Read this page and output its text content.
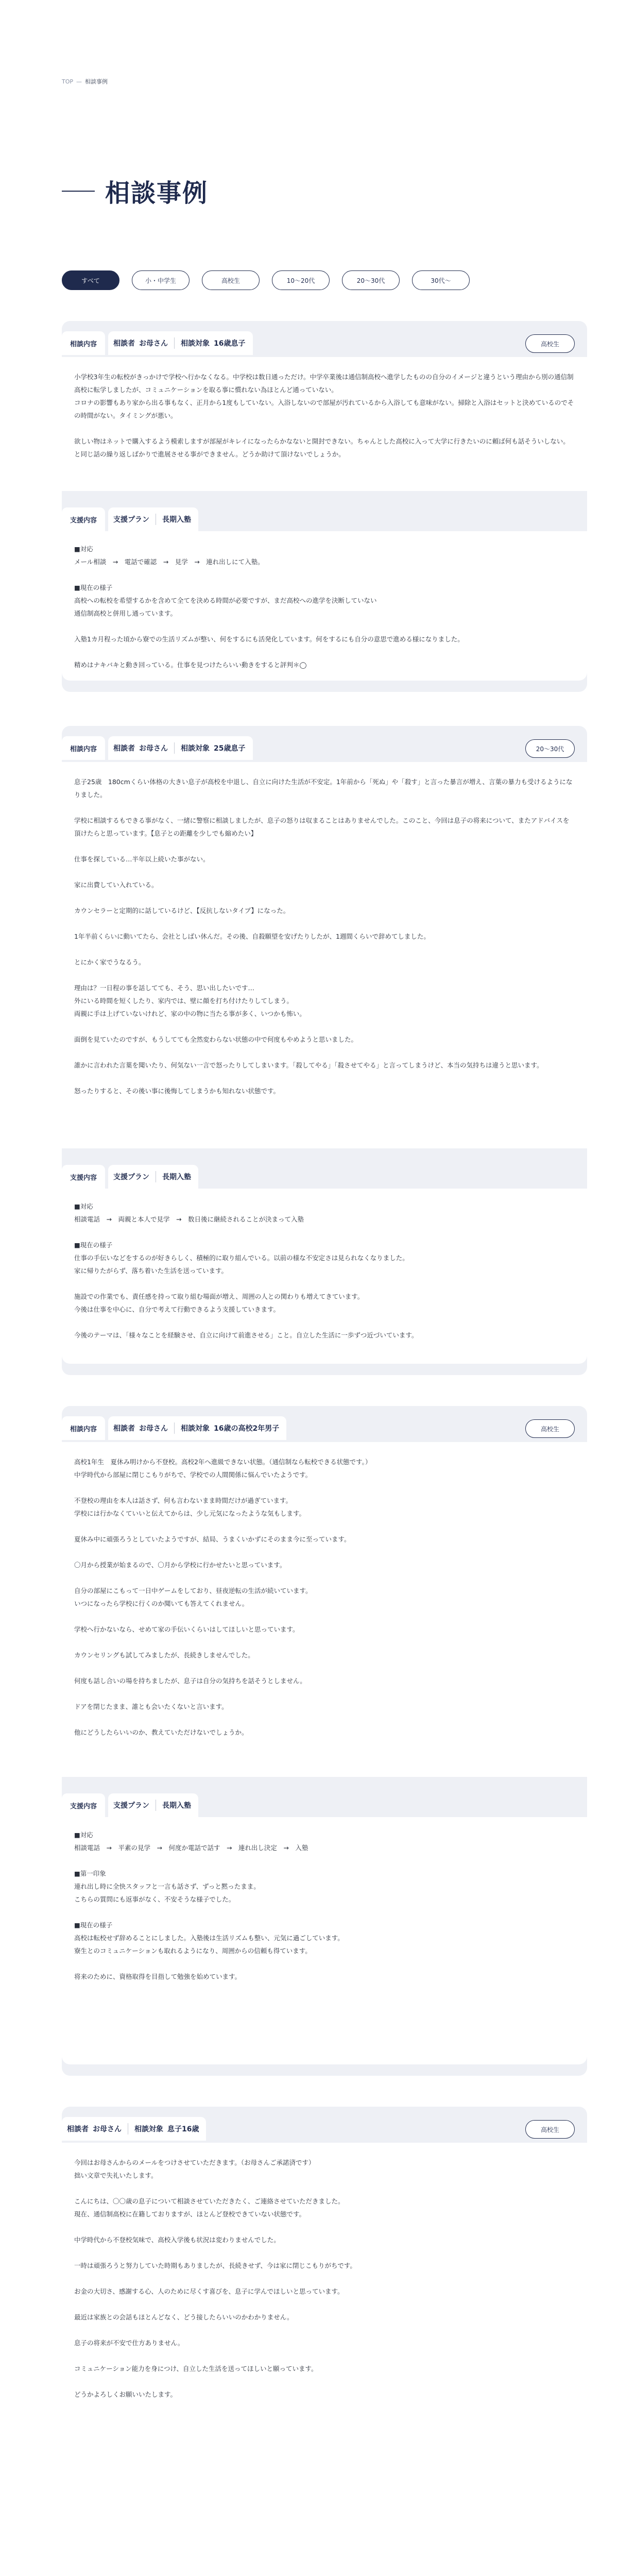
TOP — 相談事例
相談事例
すべて	小・中学生	高校生	10〜20代	20〜30代	30代〜
相談内容	相談者 お母さん 相談対象 16歳息子	高校生
小学校3年生の転校がきっかけで学校へ行かなくなる。中学校は数日通っただけ。中学卒業後は通信制高校へ進学したものの自分のイメージと違うという理由から別の通信制高校に転学しましたが、コミュニケーションを取る事に慣れない為ほとんど通っていない。
コロナの影響もあり家から出る事もなく、正月から1度もしていない。入浴しないので部屋が汚れているから入浴しても意味がない。掃除と入浴はセットと決めているのでその時間がない。タイミングが悪い。

欲しい物はネットで購入するよう模索しますが部屋がキレイになったらかなないと開封できない。ちゃんとした高校に入って大学に行きたいのに頼ば何も話そういしない。と同じ話の繰り返しばかりで進展させる事ができません。どうか助けて頂けないでしょうか。
支援内容	支援プラン 長期入塾
■対応
メール相談　→　電話で確認　→　見学　→　連れ出しにて入塾。

■現在の様子
高校への転校を希望するかを含めて全てを決める時間が必要ですが、まだ高校への進学を決断していない
通信制高校と併用し通っています。

入塾1カ月程った頃から寮での生活リズムが整い、何をするにも活発化しています。何をするにも自分の意思で進める様になりました。

精めはナキバキと動き回っている。仕事を見つけたらいい動きをすると評判＊◯
相談内容	相談者 お母さん 相談対象 25歳息子	20〜30代
息子25歳　180cmくらい体格の大きい息子が高校を中退し、自立に向けた生活が不安定。1年前から「死ぬ」や「殺す」と言った暴言が増え、言葉の暴力も受けるようになりました。

学校に相談するもできる事がなく、一緒に警察に相談しましたが、息子の怒りは収まることはありませんでした。このこと、今回は息子の将来について、またアドバイスを頂けたらと思っています。【息子との距離を少しでも縮めたい】

仕事を探している…半年以上続いた事がない。

家に出費してい入れている。

カウンセラーと定期的に話しているけど、【反抗しないタイプ】になった。

1年半前くらいに動いてたら、会社としばい休んだ。その後、自殺願望を安げたりしたが、1週間くらいで辞めてしました。

とにかく家でうなるう。

理由は？一日程の事を話してても、そう、思い出したいです…
外にいる時間を短くしたり、家内では、壁に顔を打ち付けたりしてしまう。
両親に手は上げていないけれど、家の中の物に当たる事が多く、いつかも怖い。

面倒を見ていたのですが、もうしてても全然変わらない状態の中で何度もやめようと思いました。

誰かに言われた言葉を聞いたり、何気ない一言で怒ったりしてしまいます。「殺してやる」「殺させてやる」と言ってしまうけど、本当の気持ちは違うと思います。

怒ったりすると、その後い事に後悔してしまうかも知れない状態です。
支援内容	支援プラン 長期入塾
■対応
相談電話　→　両親と本人で見学　→　数日後に継続されることが決まって入塾

■現在の様子
仕事の手伝いなどをするのが好きらしく、積極的に取り組んでいる。以前の様な不安定さは見られなくなりました。
家に帰りたがらず、落ち着いた生活を送っています。

施設での作業でも、責任感を持って取り組む場面が増え、周囲の人との関わりも増えてきています。
今後は仕事を中心に、自分で考えて行動できるよう支援していきます。

今後のテーマは、「様々なことを経験させ、自立に向けて前進させる」こと。自立した生活に一歩ずつ近づいています。
相談内容	相談者 お母さん 相談対象 16歳の高校2年男子	高校生
高校1年生　夏休み明けから不登校。高校2年へ進級できない状態。（通信制なら転校できる状態です。）
中学時代から部屋に閉じこもりがちで、学校での人間関係に悩んでいたようです。

不登校の理由を本人は話さず、何も言わないまま時間だけが過ぎています。
学校には行かなくていいと伝えてからは、少し元気になったような気もします。

夏休み中に頑張ろうとしていたようですが、結局、うまくいかずにそのまま今に至っています。

〇月から授業が始まるので、〇月から学校に行かせたいと思っています。

自分の部屋にこもって一日中ゲームをしており、昼夜逆転の生活が続いています。
いつになったら学校に行くのか聞いても答えてくれません。

学校へ行かないなら、せめて家の手伝いくらいはしてほしいと思っています。

カウンセリングも試してみましたが、長続きしませんでした。

何度も話し合いの場を持ちましたが、息子は自分の気持ちを話そうとしません。

ドアを閉じたまま、誰とも会いたくないと言います。

他にどうしたらいいのか、教えていただけないでしょうか。
支援内容	支援プラン 長期入塾
■対応
相談電話　→　平素の見学　→　何度か電話で話す　→　連れ出し決定　→　入塾

■第一印象
連れ出し時に全快スタッフと一言も話さず、ずっと黙ったまま。
こちらの質問にも返事がなく、不安そうな様子でした。

■現在の様子
高校は転校せず辞めることにしました。入塾後は生活リズムも整い、元気に過ごしています。
寮生とのコミュニケーションも取れるようになり、周囲からの信頼も得ています。

将来のために、資格取得を目指して勉強を始めています。
相談者 お母さん 相談対象 息子16歳	高校生
今回はお母さんからのメールをつけさせていただきます。（お母さんご承諾済です）
拙い文章で失礼いたします。

こんにちは、〇〇歳の息子について相談させていただきたく、ご連絡させていただきました。
現在、通信制高校に在籍しておりますが、ほとんど登校できていない状態です。

中学時代から不登校気味で、高校入学後も状況は変わりませんでした。

一時は頑張ろうと努力していた時期もありましたが、長続きせず、今は家に閉じこもりがちです。

お金の大切さ、感謝する心、人のために尽くす喜びを、息子に学んでほしいと思っています。

最近は家族との会話もほとんどなく、どう接したらいいのかわかりません。

息子の将来が不安で仕方ありません。

コミュニケーション能力を身につけ、自立した生活を送ってほしいと願っています。

どうかよろしくお願いいたします。
